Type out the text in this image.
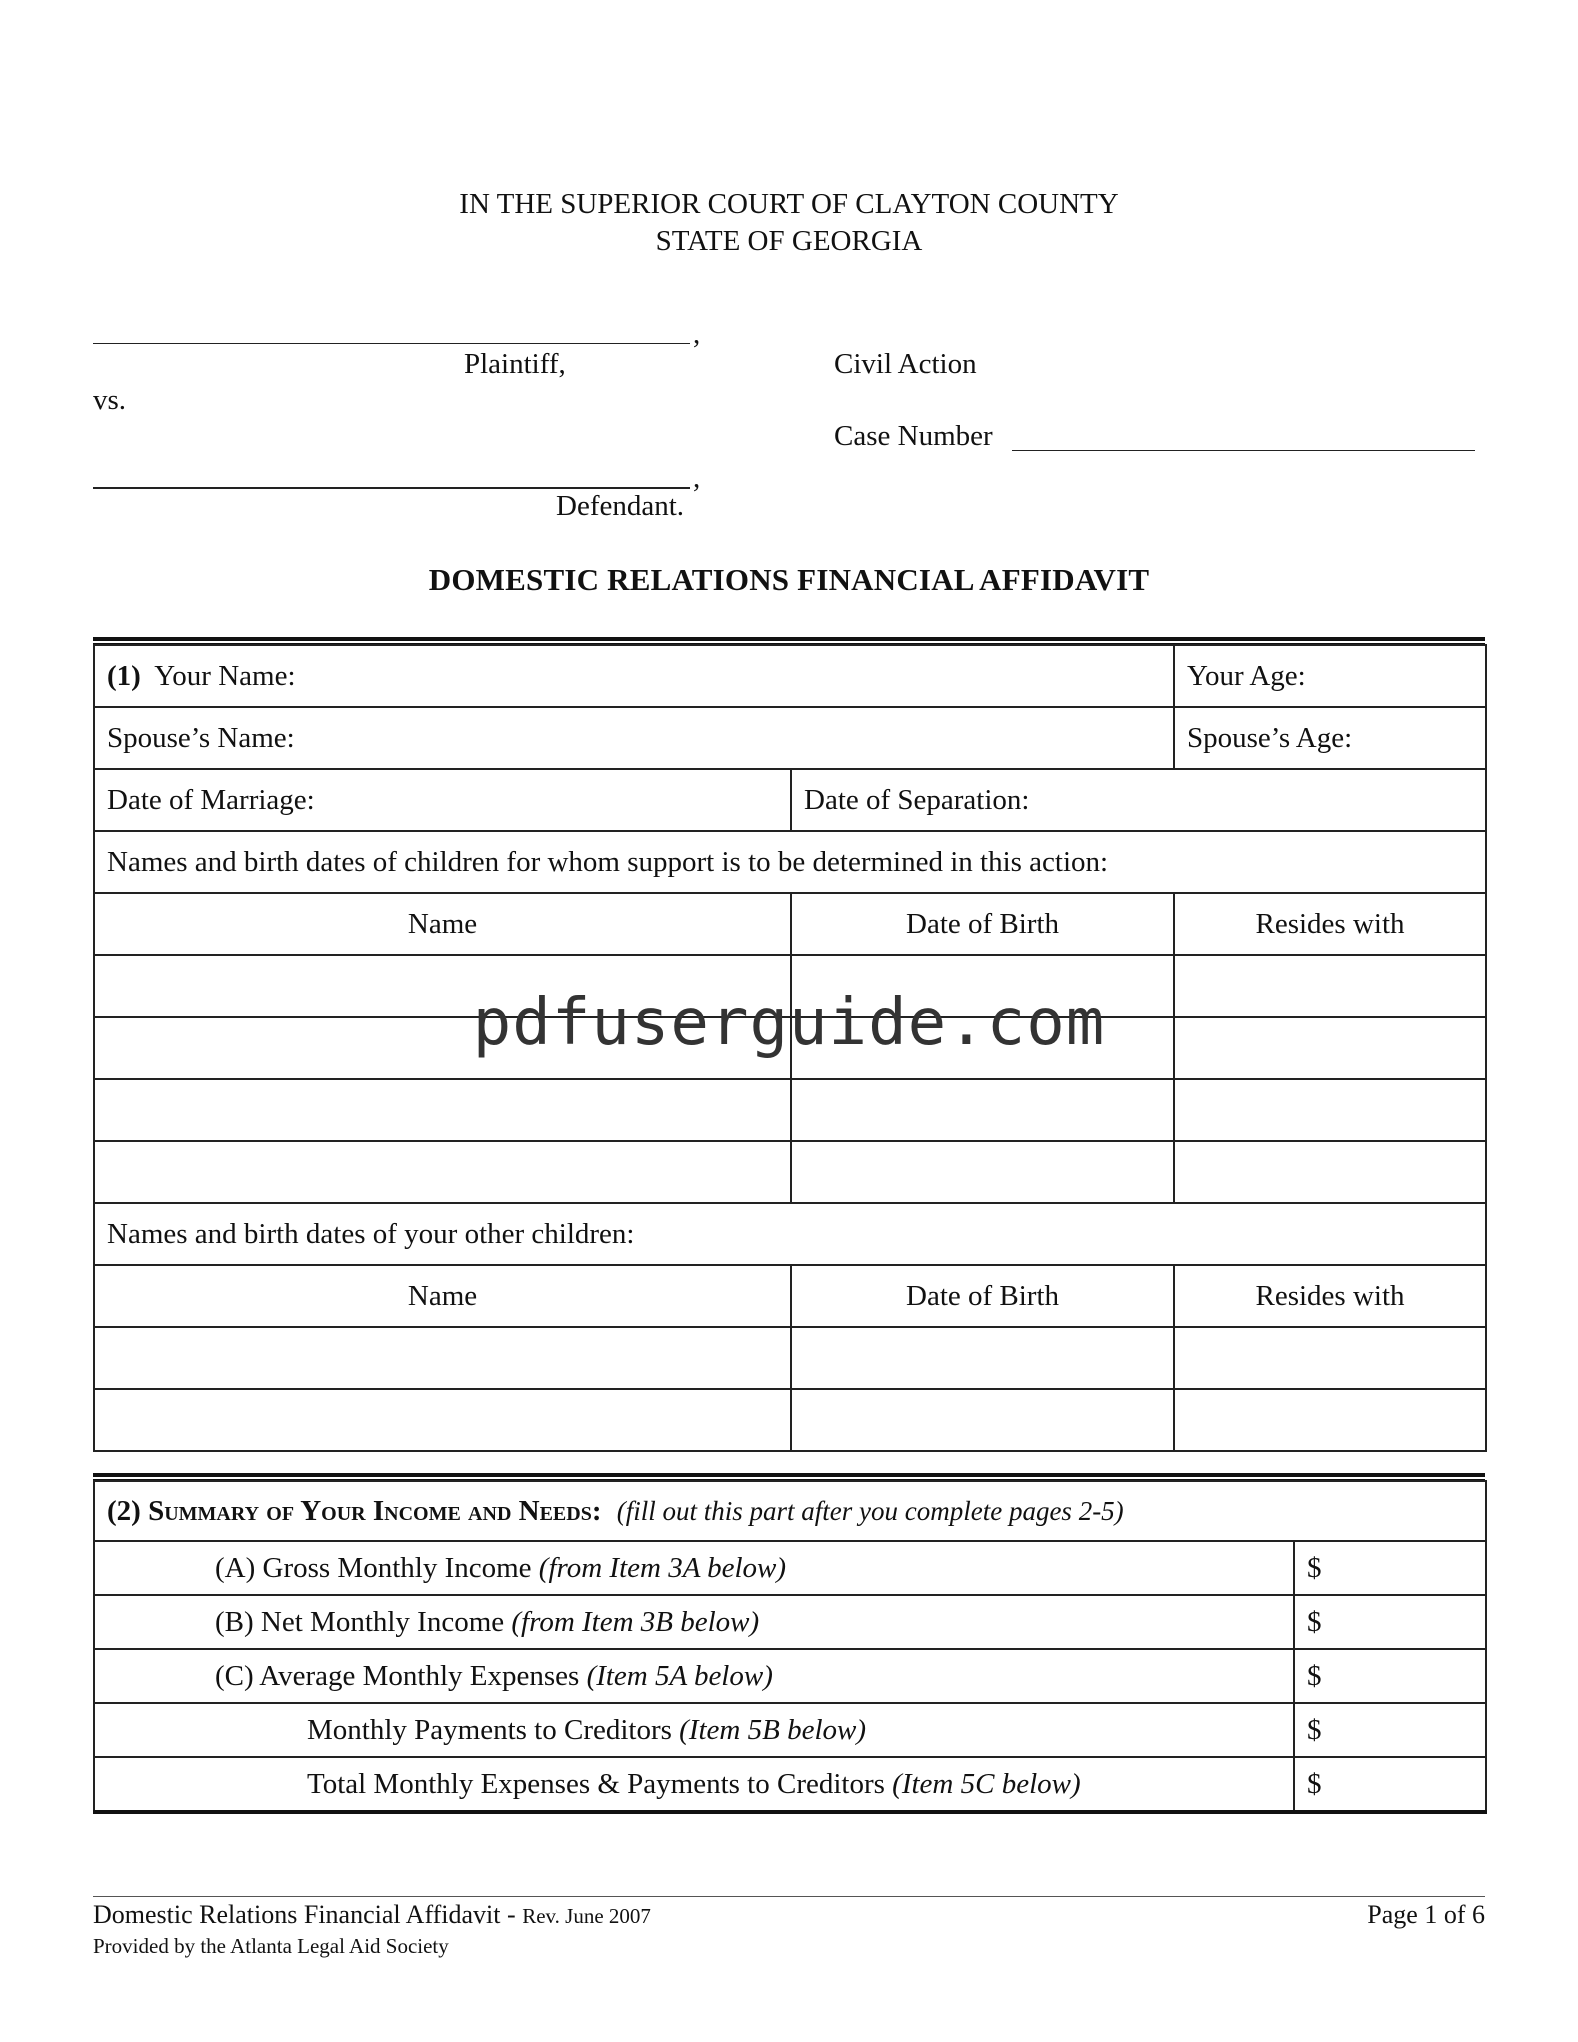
IN THE SUPERIOR COURT OF CLAYTON COUNTY
STATE OF GEORGIA
,
Plaintiff,
vs.
,
Defendant.
Civil Action
Case Number
DOMESTIC RELATIONS FINANCIAL AFFIDAVIT
(1) Your Name:		Your Age:
Spouse’s Name:		Spouse’s Age:
Date of Marriage:	Date of Separation:	
Names and birth dates of children for whom support is to be determined in this action:		
Name	Date of Birth	Resides with

Names and birth dates of your other children:		
Name	Date of Birth	Resides with

(2) Summary of Your Income and Needs: (fill out this part after you complete pages 2-5)	
(A) Gross Monthly Income (from Item 3A below)	$
(B) Net Monthly Income (from Item 3B below)	$
(C) Average Monthly Expenses (Item 5A below)	$
Monthly Payments to Creditors (Item 5B below)	$
Total Monthly Expenses & Payments to Creditors (Item 5C below)	$
pdfuserguide.com
Domestic Relations Financial Affidavit - Rev. June 2007	Page 1 of 6
Provided by the Atlanta Legal Aid Society
